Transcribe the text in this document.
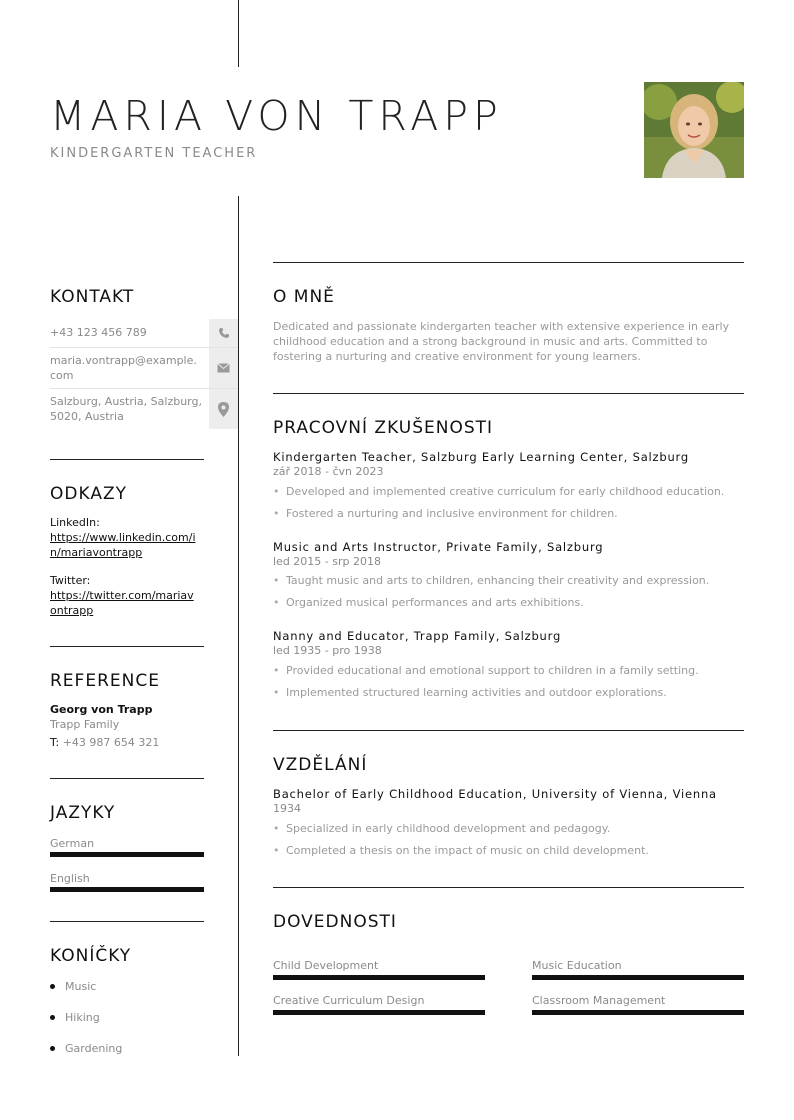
MARIA VON TRAPP
KINDERGARTEN TEACHER
KONTAKT
+43 123 456 789
maria.vontrapp@example.com
Salzburg, Austria, Salzburg, 5020, Austria
ODKAZY
LinkedIn:
https://www.linkedin.com/in/mariavontrapp
Twitter:
https://twitter.com/mariavontrapp
REFERENCE
Georg von Trapp
Trapp Family
T: +43 987 654 321
JAZYKY
German
English
KONÍČKY
Music
Hiking
Gardening
O MNĚ
Dedicated and passionate kindergarten teacher with extensive experience in early childhood education and a strong background in music and arts. Committed to fostering a nurturing and creative environment for young learners.
PRACOVNÍ ZKUŠENOSTI
Kindergarten Teacher, Salzburg Early Learning Center, Salzburg
zář 2018 - čvn 2023
• Developed and implemented creative curriculum for early childhood education.
• Fostered a nurturing and inclusive environment for children.
Music and Arts Instructor, Private Family, Salzburg
led 2015 - srp 2018
• Taught music and arts to children, enhancing their creativity and expression.
• Organized musical performances and arts exhibitions.
Nanny and Educator, Trapp Family, Salzburg
led 1935 - pro 1938
• Provided educational and emotional support to children in a family setting.
• Implemented structured learning activities and outdoor explorations.
VZDĚLÁNÍ
Bachelor of Early Childhood Education, University of Vienna, Vienna
1934
• Specialized in early childhood development and pedagogy.
• Completed a thesis on the impact of music on child development.
DOVEDNOSTI
Child Development	Music Education
Creative Curriculum Design	Classroom Management
